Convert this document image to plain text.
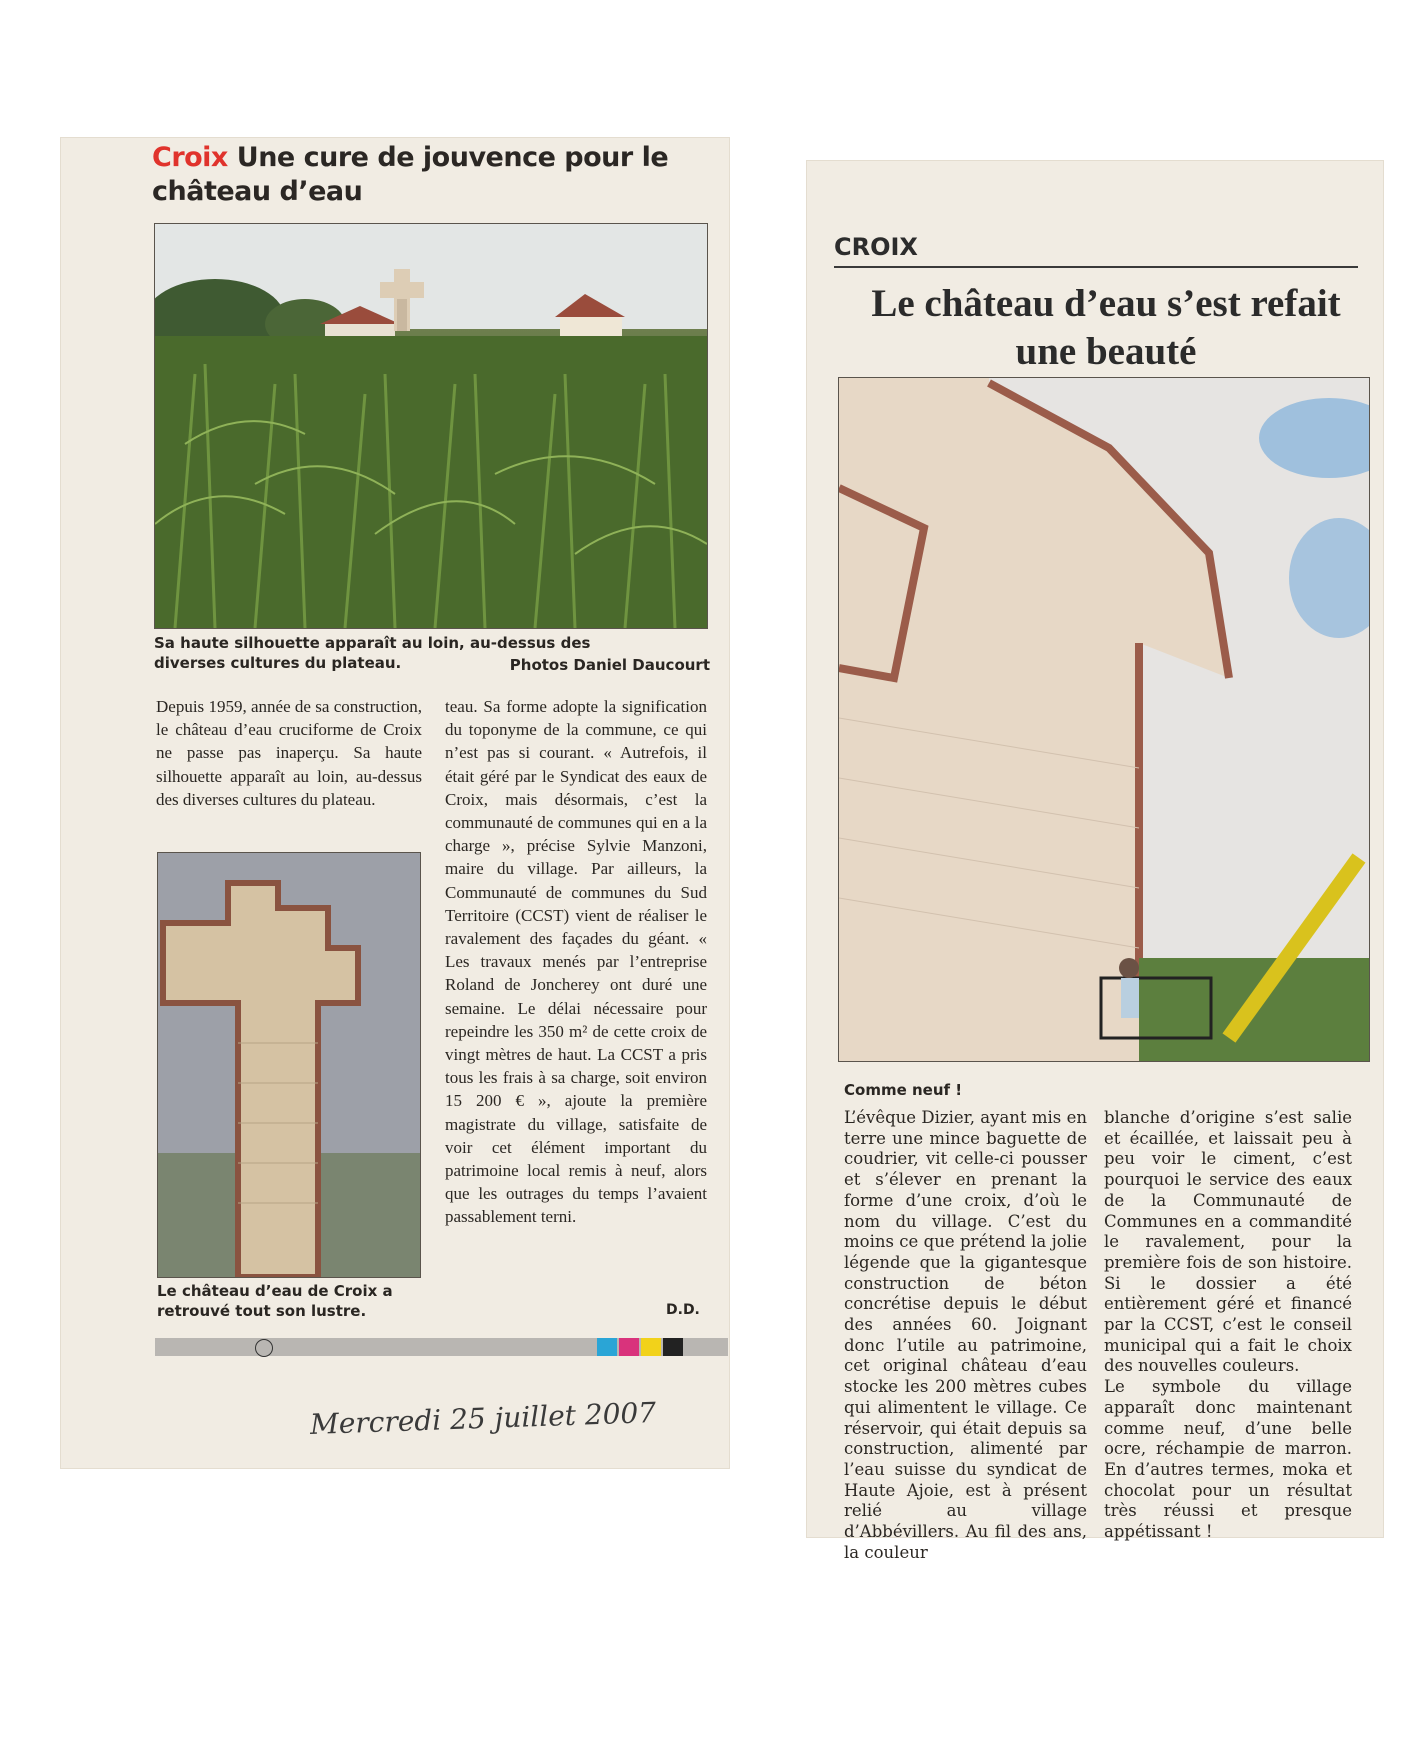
Croix Une cure de jouvence pour le château d’eau
Sa haute silhouette apparaît au loin, au-dessus des diverses cultures du plateau.	Photos Daniel Daucourt
Depuis 1959, année de sa construction, le château d’eau cruciforme de Croix ne passe pas inaperçu. Sa haute silhouette apparaît au loin, au-dessus des diverses cultures du plateau.
teau. Sa forme adopte la signification du toponyme de la commune, ce qui n’est pas si courant. « Autrefois, il était géré par le Syndicat des eaux de Croix, mais désormais, c’est la communauté de communes qui en a la charge », précise Sylvie Manzoni, maire du village. Par ailleurs, la Communauté de communes du Sud Territoire (CCST) vient de réaliser le ravalement des façades du géant. « Les travaux menés par l’entreprise Roland de Joncherey ont duré une semaine. Le délai nécessaire pour repeindre les 350 m² de cette croix de vingt mètres de haut. La CCST a pris tous les frais à sa charge, soit environ 15 200 € », ajoute la première magistrate du village, satisfaite de voir cet élément important du patrimoine local remis à neuf, alors que les outrages du temps l’avaient passablement terni.
Le château d’eau de Croix a retrouvé tout son lustre.	D.D.
Mercredi 25 juillet 2007
CROIX
Le château d’eau s’est refait une beauté
Comme neuf !
L’évêque Dizier, ayant mis en terre une mince baguette de coudrier, vit celle-ci pousser et s’élever en prenant la forme d’une croix, d’où le nom du village. C’est du moins ce que prétend la jolie légende que la gigantesque construction de béton concrétise depuis le début des années 60. Joignant donc l’utile au patrimoine, cet original château d’eau stocke les 200 mètres cubes qui alimentent le village. Ce réservoir, qui était depuis sa construction, alimenté par l’eau suisse du syndicat de Haute Ajoie, est à présent relié au village d’Abbévillers. Au fil des ans, la couleur
blanche d’origine s’est salie et écaillée, et laissait peu à peu voir le ciment, c’est pourquoi le service des eaux de la Communauté de Communes en a commandité le ravalement, pour la première fois de son histoire. Si le dossier a été entièrement géré et financé par la CCST, c’est le conseil municipal qui a fait le choix des nouvelles couleurs.
Le symbole du village apparaît donc maintenant comme neuf, d’une belle ocre, réchampie de marron. En d’autres termes, moka et chocolat pour un résultat très réussi et presque appétissant !
